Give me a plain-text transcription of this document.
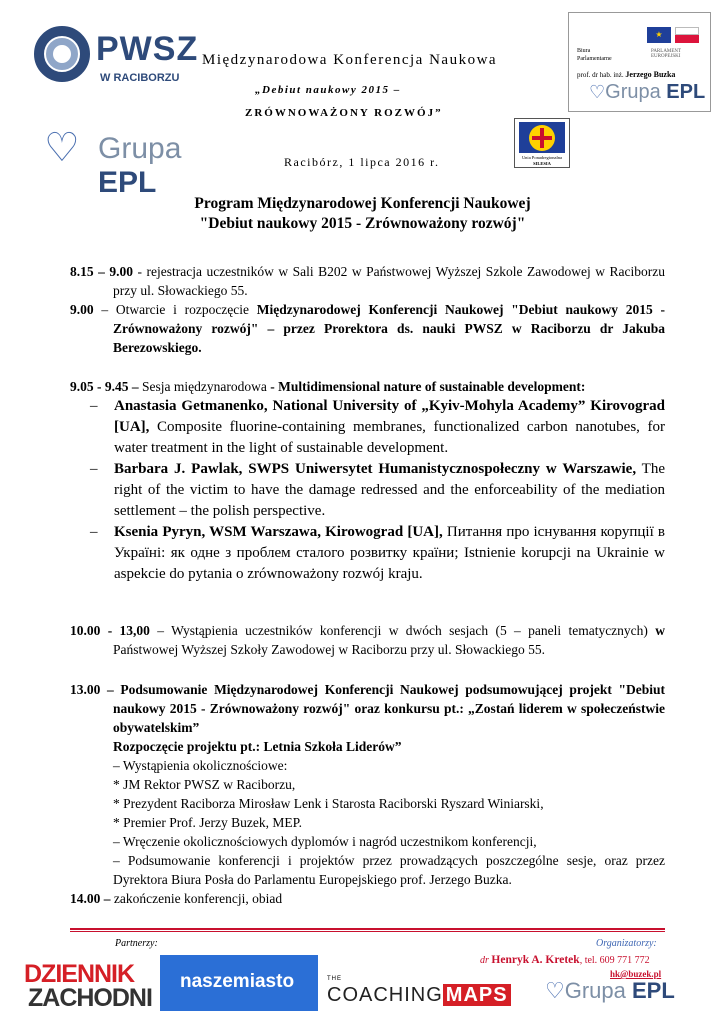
PWSZ
W RACIBORZU
Międzynarodowa Konferencja Naukowa
„Debiut naukowy 2015 –
ZRÓWNOWAŻONY ROZWÓJ”
Racibórz, 1 lipca 2016 r.
♡ Grupa EPL
★
Biura
Parlamentarne
PARLAMENT EUROPEJSKI
prof. dr hab. inż. Jerzego Buzka
♡Grupa EPL
Unia Ponadregionalna
SILESIA
Program Międzynarodowej Konferencji Naukowej
"Debiut naukowy 2015 - Zrównoważony rozwój"
8.15 – 9.00 - rejestracja uczestników w Sali B202 w Państwowej Wyższej Szkole Zawodowej w Raciborzu przy ul. Słowackiego 55.
9.00 – Otwarcie i rozpoczęcie Międzynarodowej Konferencji Naukowej "Debiut naukowy 2015 - Zrównoważony rozwój" – przez Prorektora ds. nauki PWSZ w Raciborzu dr Jakuba Berezowskiego.
9.05 - 9.45 – Sesja międzynarodowa - Multidimensional nature of sustainable development:
– Anastasia Getmanenko, National University of „Kyiv-Mohyla Academy” Kirovograd [UA], Composite fluorine-containing membranes, functionalized carbon nanotubes, for water treatment in the light of sustainable development.
– Barbara J. Pawlak, SWPS Uniwersytet Humanistycznospołeczny w Warszawie, The right of the victim to have the damage redressed and the enforceability of the mediation settlement – the polish perspective.
– Ksenia Pyryn, WSM Warszawa, Kirowograd [UA], Питання про існування корупції в Україні: як одне з проблем сталого розвитку країни; Istnienie korupcji na Ukrainie w aspekcie do pytania o zrównoważony rozwój kraju.
10.00 - 13,00 – Wystąpienia uczestników konferencji w dwóch sesjach (5 – paneli tematycznych) w Państwowej Wyższej Szkoły Zawodowej w Raciborzu przy ul. Słowackiego 55.
13.00 – Podsumowanie Międzynarodowej Konferencji Naukowej podsumowującej projekt "Debiut naukowy 2015 - Zrównoważony rozwój" oraz konkursu pt.: „Zostań liderem w społeczeństwie obywatelskim”
Rozpoczęcie projektu pt.: Letnia Szkoła Liderów”
– Wystąpienia okolicznościowe:
* JM Rektor PWSZ w Raciborzu,
* Prezydent Raciborza Mirosław Lenk i Starosta Raciborski Ryszard Winiarski,
* Premier Prof. Jerzy Buzek, MEP.
– Wręczenie okolicznościowych dyplomów i nagród uczestnikom konferencji,
– Podsumowanie konferencji i projektów przez prowadzących poszczególne sesje, oraz przez Dyrektora Biura Posła do Parlamentu Europejskiego prof. Jerzego Buzka.
14.00 – zakończenie konferencji, obiad
Partnerzy:	Organizatorzy:
dr Henryk A. Kretek, tel. 609 771 772
hk@buzek.pl
DZIENNIK
ZACHODNI
naszemiasto	THE
COACHING MAPS ♡Grupa EPL
